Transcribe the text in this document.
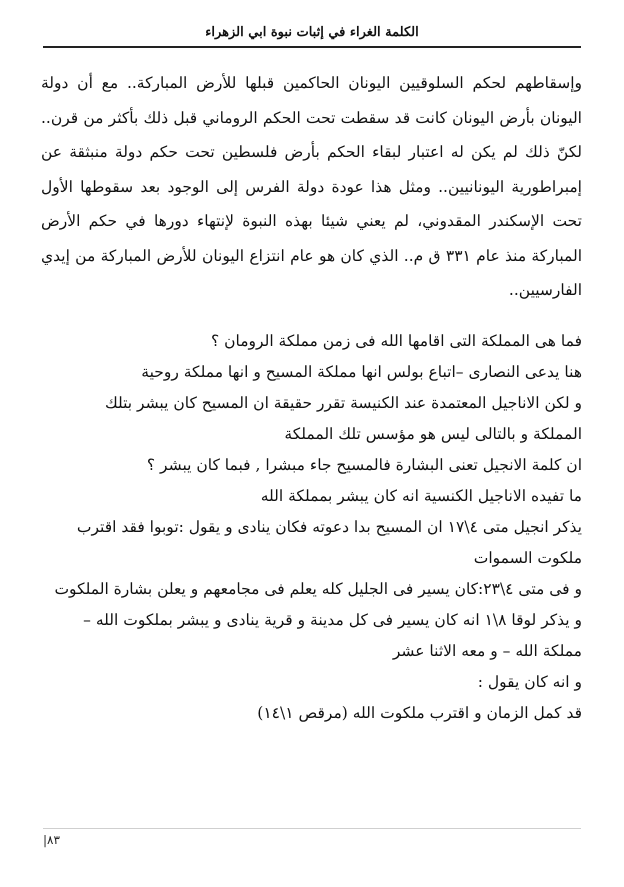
الكلمة الغراء في إثبات نبوة ابي الزهراء

وإسقاطهم لحكم السلوقيين اليونان الحاكمين قبلها للأرض المباركة.. مع أن دولة اليونان بأرض اليونان كانت قد سقطت تحت الحكم الروماني قبل ذلك بأكثر من قرن.. لكنّ ذلك لم يكن له اعتبار لبقاء الحكم بأرض فلسطين تحت حكم دولة منبثقة عن إمبراطورية اليونانيين.. ومثل هذا عودة دولة الفرس إلى الوجود بعد سقوطها الأول تحت الإسكندر المقدوني، لم يعني شيئا بهذه النبوة لإنتهاء دورها في حكم الأرض المباركة منذ عام ٣٣١ ق م.. الذي كان هو عام انتزاع اليونان للأرض المباركة من إيدي الفارسيين..

فما هى المملكة التى اقامها الله فى زمن مملكة الرومان ؟

هنا يدعى النصارى –اتباع بولس انها مملكة المسيح و انها مملكة روحية

و لكن الاناجيل المعتمدة عند الكنيسة تقرر حقيقة ان المسيح كان يبشر بتلك

المملكة و بالتالى ليس هو مؤسس تلك المملكة

ان كلمة الانجيل تعنى البشارة فالمسيح جاء مبشرا , فبما كان يبشر ؟

ما تفيده الاناجيل الكنسية انه كان يبشر بمملكة الله

يذكر انجيل متى ٤\١٧ ان المسيح بدا دعوته فكان ينادى و يقول :توبوا فقد اقترب

ملكوت السموات

و فى متى ٤\٢٣:كان يسير فى الجليل كله يعلم فى مجامعهم و يعلن بشارة الملكوت

و يذكر لوقا ٨\١ انه كان يسير فى كل مدينة و قرية ينادى و يبشر بملكوت الله –

مملكة الله – و معه الاثنا عشر

و انه كان يقول :

قد كمل الزمان و اقترب ملكوت الله (مرقص ١\١٤)

|٨٣
